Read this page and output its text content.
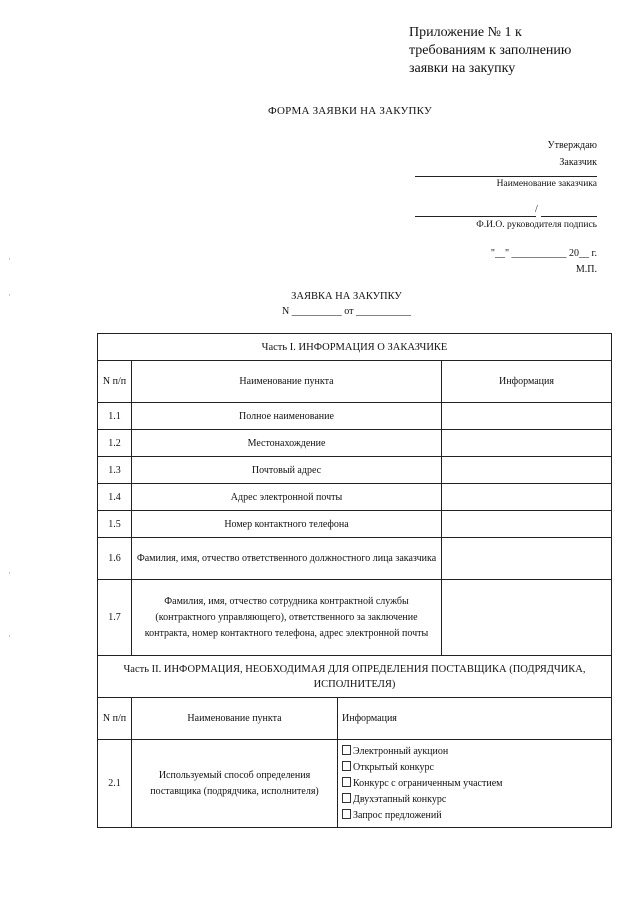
Приложение № 1 к
требованиям к заполнению
заявки на закупку
ФОРМА ЗАЯВКИ НА ЗАКУПКУ
Утверждаю
Заказчик
Наименование заказчика
/
Ф.И.О. руководителя подпись
"__" ___________ 20__ г.
М.П.
ЗАЯВКА НА ЗАКУПКУ
N __________ от ___________
·
·
·
·
Часть I. ИНФОРМАЦИЯ О ЗАКАЗЧИКЕ			
N п/п	Наименование пункта		Информация
1.1	Полное наименование		
1.2	Местонахождение		
1.3	Почтовый адрес		
1.4	Адрес электронной почты		
1.5	Номер контактного телефона		
1.6	Фамилия, имя, отчество ответственного должностного лица заказчика		
1.7	Фамилия, имя, отчество сотрудника контрактной службы (контрактного управляющего), ответственного за заключение контракта, номер контактного телефона, адрес электронной почты		
Часть II. ИНФОРМАЦИЯ, НЕОБХОДИМАЯ ДЛЯ ОПРЕДЕЛЕНИЯ ПОСТАВЩИКА (ПОДРЯДЧИКА, ИСПОЛНИТЕЛЯ)			
N п/п	Наименование пункта	Информация	
2.1	Используемый способ определения поставщика (подрядчика, исполнителя)	Электронный аукцион
Открытый конкурс
Конкурс с ограниченным участием
Двухэтапный конкурс
Запрос предложений	
